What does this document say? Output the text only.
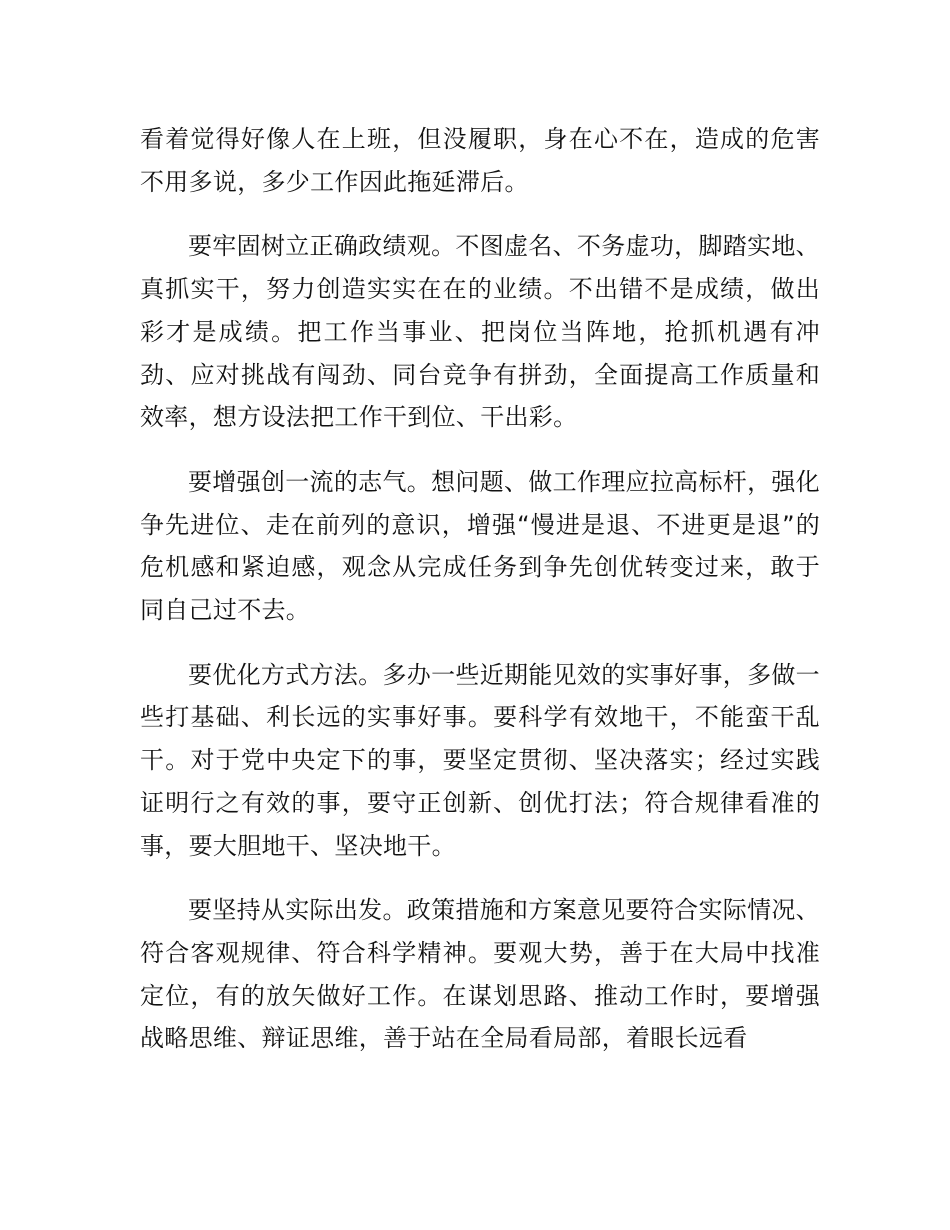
看着觉得好像人在上班，但没履职，身在心不在，造成的危害不用多说，多少工作因此拖延滞后。

要牢固树立正确政绩观。不图虚名、不务虚功，脚踏实地、真抓实干，努力创造实实在在的业绩。不出错不是成绩，做出彩才是成绩。把工作当事业、把岗位当阵地，抢抓机遇有冲劲、应对挑战有闯劲、同台竞争有拼劲，全面提高工作质量和效率，想方设法把工作干到位、干出彩。

要增强创一流的志气。想问题、做工作理应拉高标杆，强化争先进位、走在前列的意识，增强“慢进是退、不进更是退”的危机感和紧迫感，观念从完成任务到争先创优转变过来，敢于同自己过不去。

要优化方式方法。多办一些近期能见效的实事好事，多做一些打基础、利长远的实事好事。要科学有效地干，不能蛮干乱干。对于党中央定下的事，要坚定贯彻、坚决落实；经过实践证明行之有效的事，要守正创新、创优打法；符合规律看准的事，要大胆地干、坚决地干。

要坚持从实际出发。政策措施和方案意见要符合实际情况、符合客观规律、符合科学精神。要观大势，善于在大局中找准定位，有的放矢做好工作。在谋划思路、推动工作时，要增强战略思维、辩证思维，善于站在全局看局部，着眼长远看
